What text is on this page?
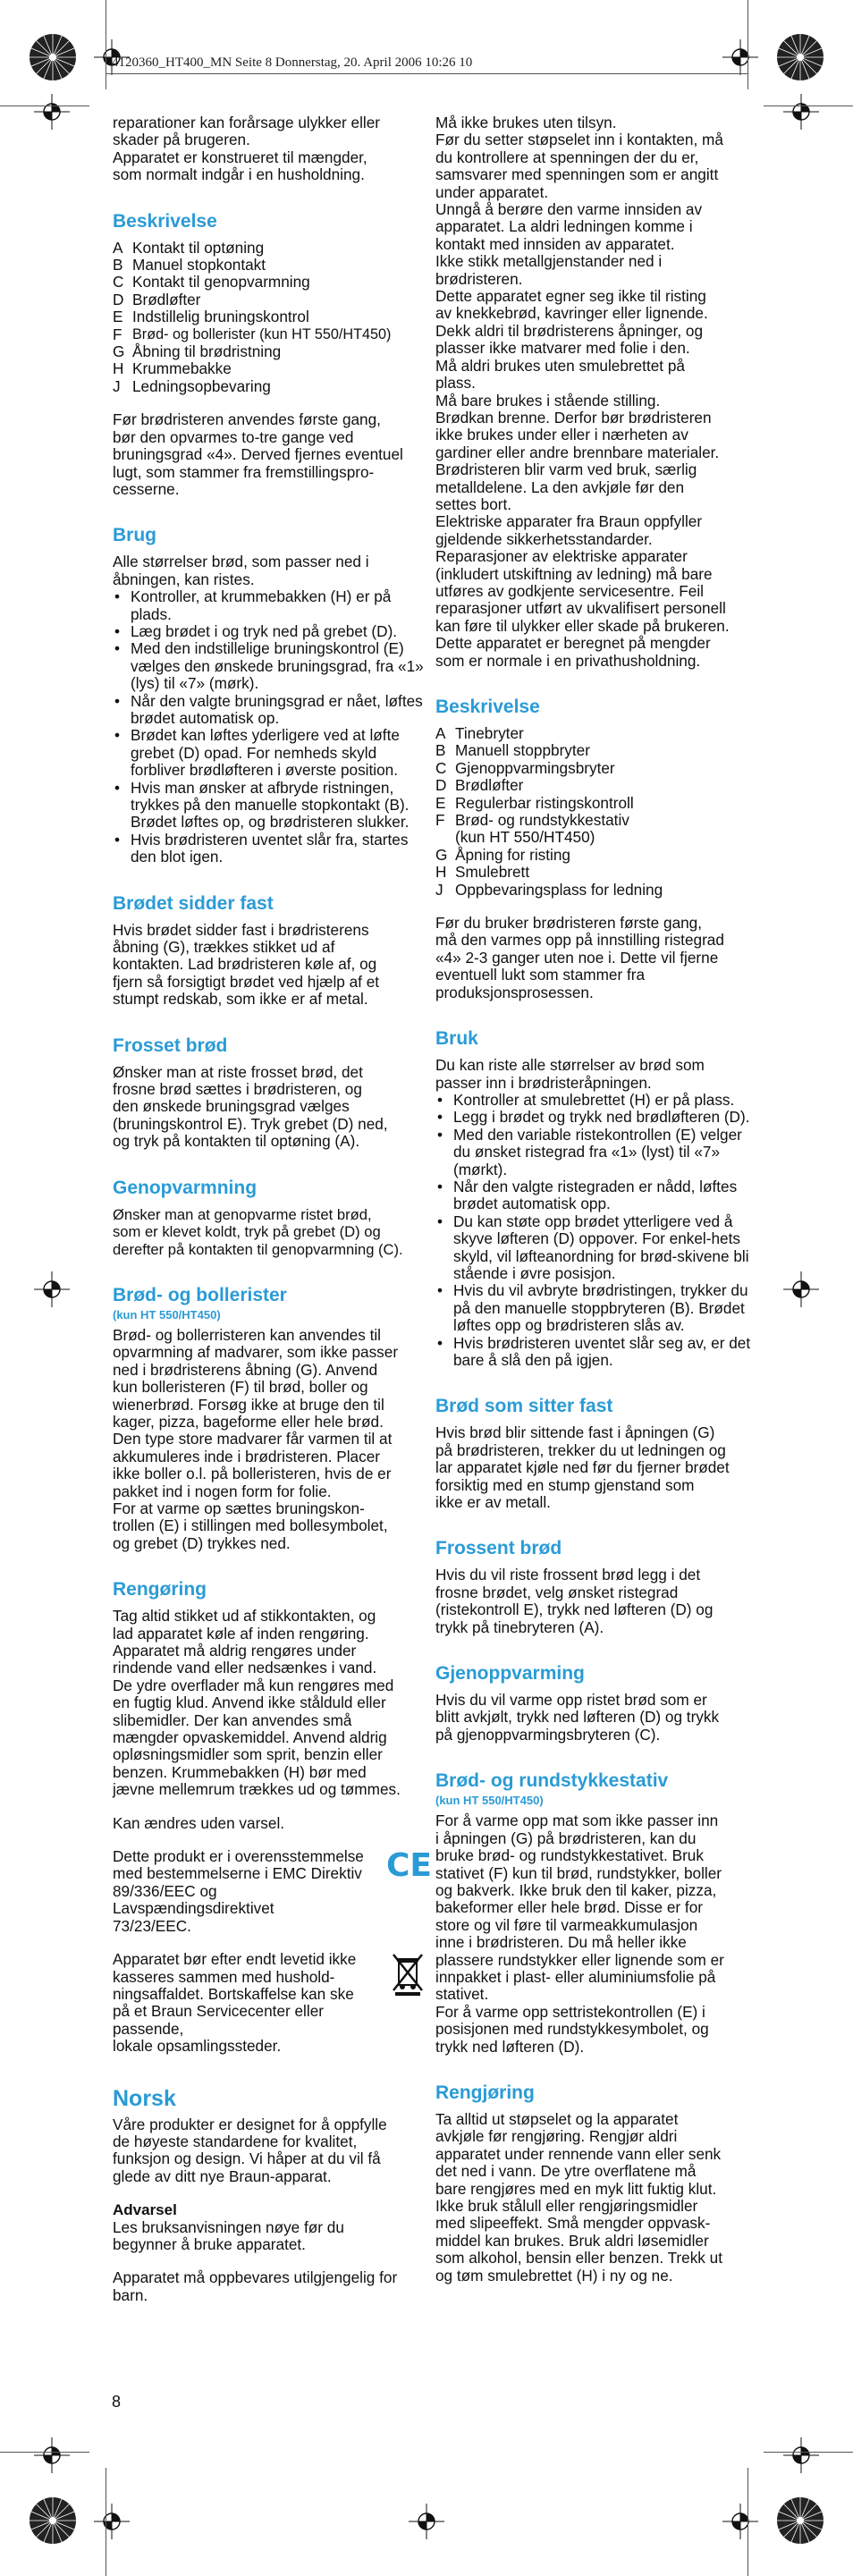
4120360_HT400_MN Seite 8 Donnerstag, 20. April 2006 10:26 10

reparationer kan forårsage ulykker eller
skader på brugeren.
Apparatet er konstrueret til mængder,
som normalt indgår i en husholdning.

Beskrivelse
A Kontakt til optøning
B Manuel stopkontakt
C Kontakt til genopvarmning
D Brødløfter
E Indstillelig bruningskontrol
F Brød- og bollerister (kun HT 550/HT450)
G Åbning til brødristning
H Krummebakke
J Ledningsopbevaring

Før brødristeren anvendes første gang,
bør den opvarmes to-tre gange ved
bruningsgrad «4». Derved fjernes eventuel
lugt, som stammer fra fremstillingspro-
cesserne.

Brug

Alle størrelser brød, som passer ned i
åbningen, kan ristes.

• Kontroller, at krummebakken (H) er på plads.
• Læg brødet i og tryk ned på grebet (D).
• Med den indstillelige bruningskontrol (E) vælges den ønskede bruningsgrad, fra «1» (lys) til «7» (mørk).
• Når den valgte bruningsgrad er nået, løftes brødet automatisk op.
• Brødet kan løftes yderligere ved at løfte grebet (D) opad. For nemheds skyld forbliver brødløfteren i øverste position.
• Hvis man ønsker at afbryde ristningen, trykkes på den manuelle stopkontakt (B). Brødet løftes op, og brødristeren slukker.
• Hvis brødristeren uventet slår fra, startes den blot igen.
Brødet sidder fast

Hvis brødet sidder fast i brødristerens
åbning (G), trækkes stikket ud af
kontakten. Lad brødristeren køle af, og
fjern så forsigtigt brødet ved hjælp af et
stumpt redskab, som ikke er af metal.

Frosset brød

Ønsker man at riste frosset brød, det
frosne brød sættes i brødristeren, og
den ønskede bruningsgrad vælges
(bruningskontrol E). Tryk grebet (D) ned,
og tryk på kontakten til optøning (A).

Genopvarmning

Ønsker man at genopvarme ristet brød,
som er klevet koldt, tryk på grebet (D) og
derefter på kontakten til genopvarmning (C).

Brød- og bollerister
(kun HT 550/HT450)

Brød- og bollerristeren kan anvendes til
opvarmning af madvarer, som ikke passer
ned i brødristerens åbning (G). Anvend
kun bolleristeren (F) til brød, boller og
wienerbrød. Forsøg ikke at bruge den til
kager, pizza, bageforme eller hele brød.
Den type store madvarer får varmen til at
akkumuleres inde i brødristeren. Placer
ikke boller o.l. på bollеristeren, hvis de er
pakket ind i nogen form for folie.
For at varme op sættes bruningskon-
trollen (E) i stillingen med bollesymbolet,
og grebet (D) trykkes ned.

Rengøring

Tag altid stikket ud af stikkontakten, og
lad apparatet køle af inden rengøring.
Apparatet må aldrig rengøres under
rindende vand eller nedsænkes i vand.
De ydre overflader må kun rengøres med
en fugtig klud. Anvend ikke stålduld eller
slibemidler. Der kan anvendes små
mængder opvaskemiddel. Anvend aldrig
opløsningsmidler som sprit, benzin eller
benzen. Krummebakken (H) bør med
jævne mellemrum trækkes ud og tømmes.

Kan ændres uden varsel.

Dette produkt er i overensstemmelse
med bestemmelserne i EMC Direktiv
89/336/EEC og Lavspændingsdirektivet
73/23/EEC.
CE
Apparatet bør efter endt levetid ikke
kasseres sammen med hushold-
ningsaffaldet. Bortskaffelse kan ske
på et Braun Servicecenter eller passende,
lokale opsamlingssteder.
Norsk

Våre produkter er designet for å oppfylle
de høyeste standardene for kvalitet,
funksjon og design. Vi håper at du vil få
glede av ditt nye Braun-apparat.

Advarsel

Les bruksanvisningen nøye før du
begynner å bruke apparatet.

Apparatet må oppbevares utilgjengelig for
barn.

Må ikke brukes uten tilsyn.
Før du setter støpselet inn i kontakten, må
du kontrollere at spenningen der du er,
samsvarer med spenningen som er angitt
under apparatet.
Unngå å berøre den varme innsiden av
apparatet. La aldri ledningen komme i
kontakt med innsiden av apparatet.
Ikke stikk metallgjenstander ned i
brødristeren.
Dette apparatet egner seg ikke til risting
av knekkebrød, kavringer eller lignende.
Dekk aldri til brødristerens åpninger, og
plasser ikke matvarer med folie i den.
Må aldri brukes uten smulebrettet på
plass.
Må bare brukes i stående stilling.
Brødkan brenne. Derfor bør brødristeren
ikke brukes under eller i nærheten av
gardiner eller andre brennbare materialer.
Brødristeren blir varm ved bruk, særlig
metalldelene. La den avkjøle før den
settes bort.
Elektriske apparater fra Braun oppfyller
gjeldende sikkerhetsstandarder.
Reparasjoner av elektriske apparater
(inkludert utskiftning av ledning) må bare
utføres av godkjente servicesentre. Feil
reparasjoner utført av ukvalifisert personell
kan føre til ulykker eller skade på brukeren.
Dette apparatet er beregnet på mengder
som er normale i en privathusholdning.

Beskrivelse
A Tinebryter
B Manuell stoppbryter
C Gjenoppvarmingsbryter
D Brødløfter
E Regulerbar ristingskontroll
F Brød- og rundstykkestativ
(kun HT 550/HT450)
G Åpning for risting
H Smulebrett
J Oppbevaringsplass for ledning

Før du bruker brødristeren første gang,
må den varmes opp på innstilling ristegrad
«4» 2-3 ganger uten noe i. Dette vil fjerne
eventuell lukt som stammer fra
produksjonsprosessen.

Bruk

Du kan riste alle størrelser av brød som
passer inn i brødristeråpningen.

• Kontroller at smulebrettet (H) er på plass.
• Legg i brødet og trykk ned brødløfteren (D).
• Med den variable ristekontrollen (E) velger du ønsket ristegrad fra «1» (lyst) til «7» (mørkt).
• Når den valgte ristegraden er nådd, løftes brødet automatisk opp.
• Du kan støte opp brødet ytterligere ved å skyve løfteren (D) oppover. For enkel-hets skyld, vil løfteanordning for brød-skivene bli stående i øvre posisjon.
• Hvis du vil avbryte brødristingen, trykker du på den manuelle stoppbryteren (B). Brødet løftes opp og brødristeren slås av.
• Hvis brødristeren uventet slår seg av, er det bare å slå den på igjen.
Brød som sitter fast

Hvis brød blir sittende fast i åpningen (G)
på brødristeren, trekker du ut ledningen og
lar apparatet kjøle ned før du fjerner brødet
forsiktig med en stump gjenstand som
ikke er av metall.

Frossent brød

Hvis du vil riste frossent brød legg i det
frosne brødet, velg ønsket ristegrad
(ristekontroll E), trykk ned løfteren (D) og
trykk på tinebryteren (A).

Gjenoppvarming

Hvis du vil varme opp ristet brød som er
blitt avkjølt, trykk ned løfteren (D) og trykk
på gjenoppvarmingsbryteren (C).

Brød- og rundstykkestativ
(kun HT 550/HT450)

For å varme opp mat som ikke passer inn
i åpningen (G) på brødristeren, kan du
bruke brød- og rundstykkestativet. Bruk
stativet (F) kun til brød, rundstykker, boller
og bakverk. Ikke bruk den til kaker, pizza,
bakeformer eller hele brød. Disse er for
store og vil føre til varmeakkumulasjon
inne i brødristeren. Du må heller ikke
plassere rundstykker eller lignende som er
innpakket i plast- eller aluminiumsfolie på
stativet.
For å varme opp settristekontrollen (E) i
posisjonen med rundstykkesymbolet, og
trykk ned løfteren (D).

Rengjøring

Ta alltid ut støpselet og la apparatet
avkjøle før rengjøring. Rengjør aldri
apparatet under rennende vann eller senk
det ned i vann. De ytre overflatene må
bare rengjøres med en myk litt fuktig klut.
Ikke bruk stålull eller rengjøringsmidler
med slipeeffekt. Små mengder oppvask-
middel kan brukes. Bruk aldri løsemidler
som alkohol, bensin eller benzen. Trekk ut
og tøm smulebrettet (H) i ny og ne.

8
